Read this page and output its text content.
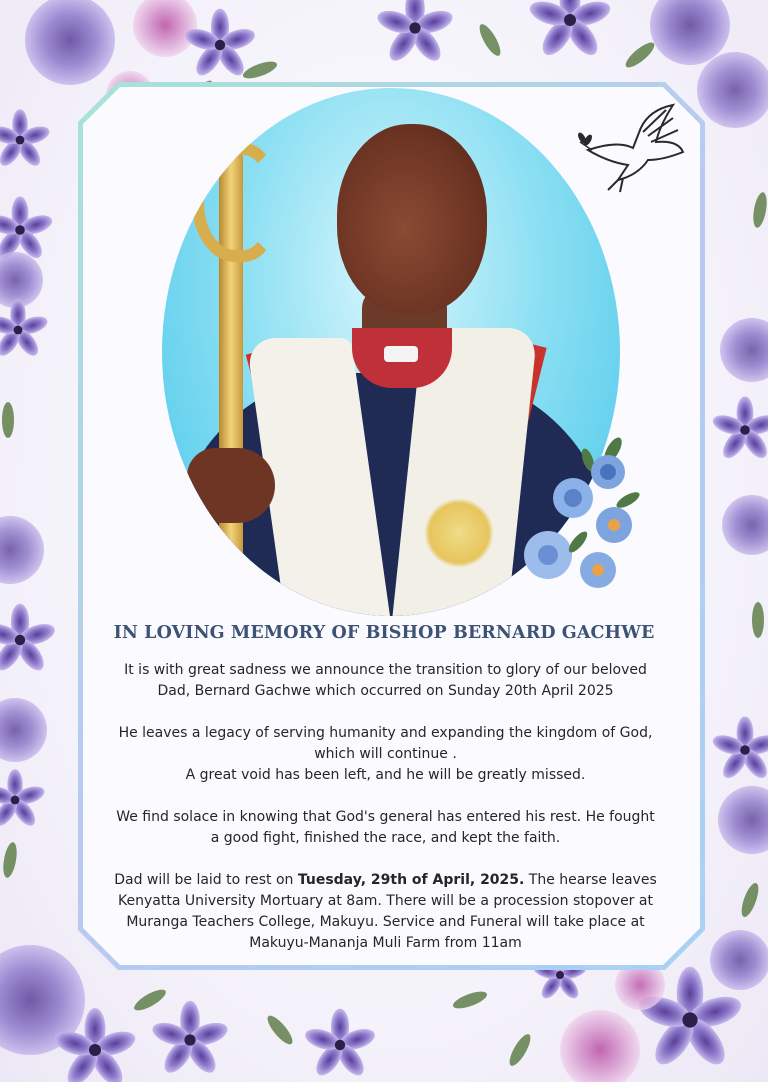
IN LOVING MEMORY OF BISHOP BERNARD GACHWE

It is with great sadness we announce the transition to glory of our beloved
Dad, Bernard Gachwe which occurred on Sunday 20th April 2025

He leaves a legacy of serving humanity and expanding the kingdom of God,
which will continue .
A great void has been left, and he will be greatly missed.

We find solace in knowing that God's general has entered his rest. He fought
a good fight, finished the race, and kept the faith.

Dad will be laid to rest on Tuesday, 29th of April, 2025. The hearse leaves
Kenyatta University Mortuary at 8am. There will be a procession stopover at
Muranga Teachers College, Makuyu. Service and Funeral will take place at
Makuyu-Mananja Muli Farm from 11am
